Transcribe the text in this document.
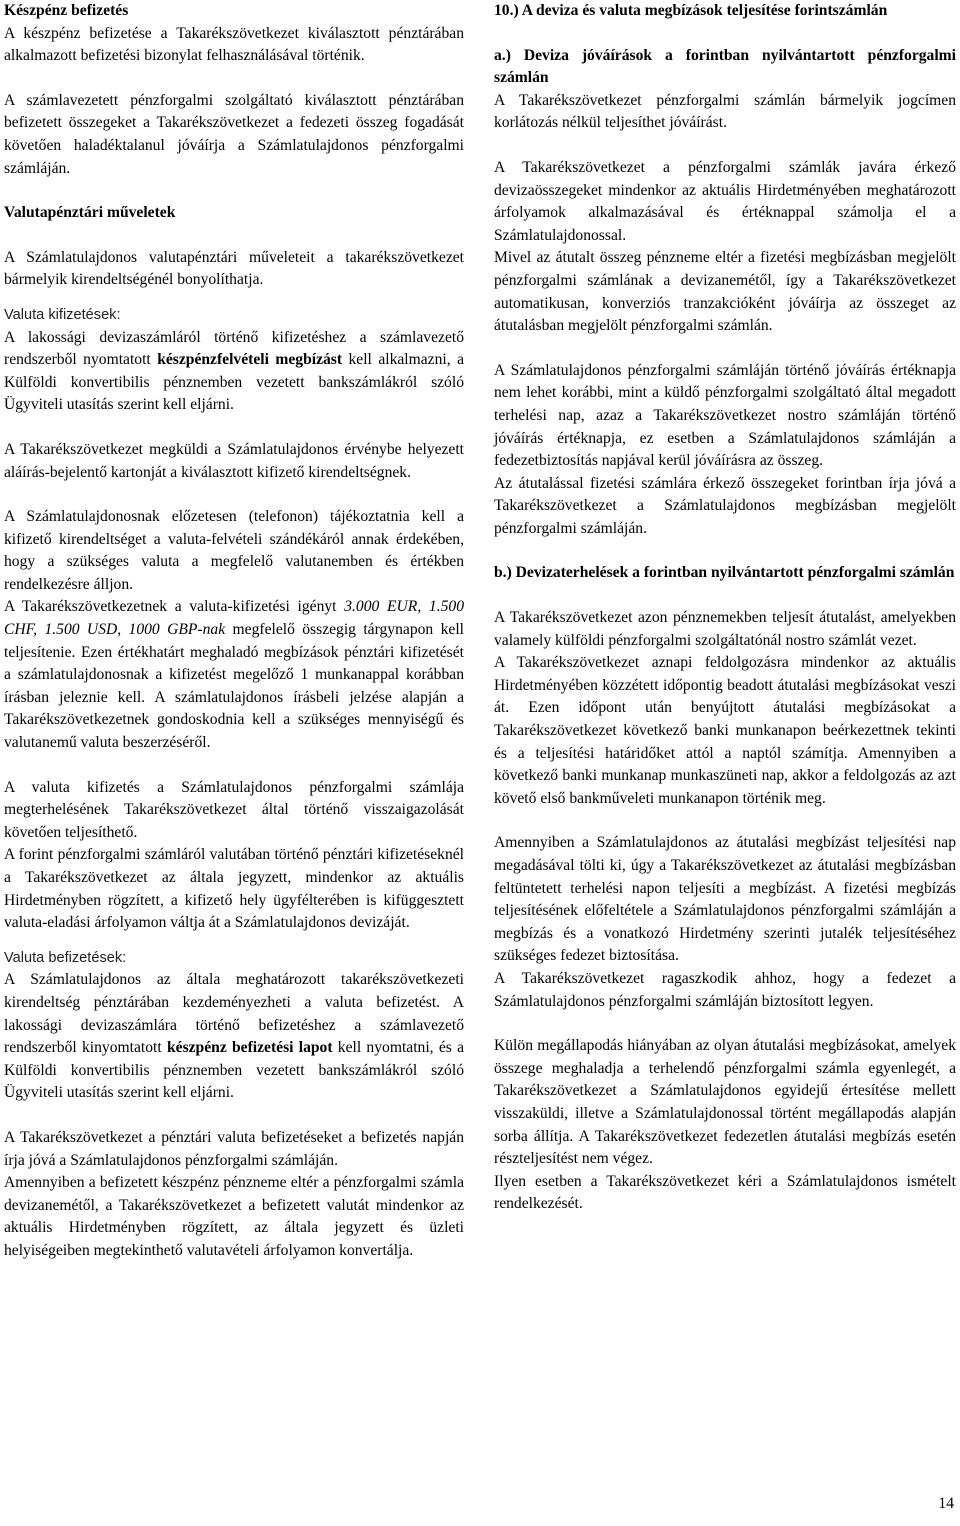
Készpénz befizetés

A készpénz befizetése a Takarékszövetkezet kiválasztott pénztárában alkalmazott befizetési bizonylat felhasználásával történik.

A számlavezetett pénzforgalmi szolgáltató kiválasztott pénztárában befizetett összegeket a Takarékszövetkezet a fedezeti összeg fogadását követően haladéktalanul jóváírja a Számlatulajdonos pénzforgalmi számláján.

Valutapénztári műveletek

A Számlatulajdonos valutapénztári műveleteit a takarékszövetkezet bármelyik kirendeltségénél bonyolíthatja.

Valuta kifizetések:

A lakossági devizaszámláról történő kifizetéshez a számlavezető rendszerből nyomtatott készpénzfelvételi megbízást kell alkalmazni, a Külföldi konvertibilis pénznemben vezetett bankszámlákról szóló Ügyviteli utasítás szerint kell eljárni.

A Takarékszövetkezet megküldi a Számlatulajdonos érvénybe helyezett aláírás-bejelentő kartonját a kiválasztott kifizető kirendeltségnek.

A Számlatulajdonosnak előzetesen (telefonon) tájékoztatnia kell a kifizető kirendeltséget a valuta-felvételi szándékáról annak érdekében, hogy a szükséges valuta a megfelelő valutanemben és értékben rendelkezésre álljon.

A Takarékszövetkezetnek a valuta-kifizetési igényt 3.000 EUR, 1.500 CHF, 1.500 USD, 1000 GBP-nak megfelelő összegig tárgynapon kell teljesítenie. Ezen értékhatárt meghaladó megbízások pénztári kifizetését a számlatulajdonosnak a kifizetést megelőző 1 munkanappal korábban írásban jeleznie kell. A számlatulajdonos írásbeli jelzése alapján a Takarékszövetkezetnek gondoskodnia kell a szükséges mennyiségű és valutanemű valuta beszerzéséről.

A valuta kifizetés a Számlatulajdonos pénzforgalmi számlája megterhelésének Takarékszövetkezet által történő visszaigazolását követően teljesíthető.

A forint pénzforgalmi számláról valutában történő pénztári kifizetéseknél a Takarékszövetkezet az általa jegyzett, mindenkor az aktuális Hirdetményben rögzített, a kifizető hely ügyfélterében is kifüggesztett valuta-eladási árfolyamon váltja át a Számlatulajdonos devizáját.

Valuta befizetések:

A Számlatulajdonos az általa meghatározott takarékszövetkezeti kirendeltség pénztárában kezdeményezheti a valuta befizetést. A lakossági devizaszámlára történő befizetéshez a számlavezető rendszerből kinyomtatott készpénz befizetési lapot kell nyomtatni, és a Külföldi konvertibilis pénznemben vezetett bankszámlákról szóló Ügyviteli utasítás szerint kell eljárni.

A Takarékszövetkezet a pénztári valuta befizetéseket a befizetés napján írja jóvá a Számlatulajdonos pénzforgalmi számláján.

Amennyiben a befizetett készpénz pénzneme eltér a pénzforgalmi számla devizanemétől, a Takarékszövetkezet a befizetett valutát mindenkor az aktuális Hirdetményben rögzített, az általa jegyzett és üzleti helyiségeiben megtekinthető valutavételi árfolyamon konvertálja.

10.) A deviza és valuta megbízások teljesítése forintszámlán

a.) Deviza jóváírások a forintban nyilvántartott pénzforgalmi számlán

A Takarékszövetkezet pénzforgalmi számlán bármelyik jogcímen korlátozás nélkül teljesíthet jóváírást.

A Takarékszövetkezet a pénzforgalmi számlák javára érkező devizaösszegeket mindenkor az aktuális Hirdetményében meghatározott árfolyamok alkalmazásával és értéknappal számolja el a Számlatulajdonossal.

Mivel az átutalt összeg pénzneme eltér a fizetési megbízásban megjelölt pénzforgalmi számlának a devizanemétől, így a Takarékszövetkezet automatikusan, konverziós tranzakcióként jóváírja az összeget az átutalásban megjelölt pénzforgalmi számlán.

A Számlatulajdonos pénzforgalmi számláján történő jóváírás értéknapja nem lehet korábbi, mint a küldő pénzforgalmi szolgáltató által megadott terhelési nap, azaz a Takarékszövetkezet nostro számláján történő jóváírás értéknapja, ez esetben a Számlatulajdonos számláján a fedezetbiztosítás napjával kerül jóváírásra az összeg.

Az átutalással fizetési számlára érkező összegeket forintban írja jóvá a Takarékszövetkezet a Számlatulajdonos megbízásban megjelölt pénzforgalmi számláján.

b.) Devizaterhelések a forintban nyilvántartott pénzforgalmi számlán

A Takarékszövetkezet azon pénznemekben teljesít átutalást, amelyekben valamely külföldi pénzforgalmi szolgáltatónál nostro számlát vezet.

A Takarékszövetkezet aznapi feldolgozásra mindenkor az aktuális Hirdetményében közzétett időpontig beadott átutalási megbízásokat veszi át. Ezen időpont után benyújtott átutalási megbízásokat a Takarékszövetkezet következő banki munkanapon beérkezettnek tekinti és a teljesítési határidőket attól a naptól számítja. Amennyiben a következő banki munkanap munkaszüneti nap, akkor a feldolgozás az azt követő első bankműveleti munkanapon történik meg.

Amennyiben a Számlatulajdonos az átutalási megbízást teljesítési nap megadásával tölti ki, úgy a Takarékszövetkezet az átutalási megbízásban feltüntetett terhelési napon teljesíti a megbízást. A fizetési megbízás teljesítésének előfeltétele a Számlatulajdonos pénzforgalmi számláján a megbízás és a vonatkozó Hirdetmény szerinti jutalék teljesítéséhez szükséges fedezet biztosítása.

A Takarékszövetkezet ragaszkodik ahhoz, hogy a fedezet a Számlatulajdonos pénzforgalmi számláján biztosított legyen.

Külön megállapodás hiányában az olyan átutalási megbízásokat, amelyek összege meghaladja a terhelendő pénzforgalmi számla egyenlegét, a Takarékszövetkezet a Számlatulajdonos egyidejű értesítése mellett visszaküldi, illetve a Számlatulajdonossal történt megállapodás alapján sorba állítja. A Takarékszövetkezet fedezetlen átutalási megbízás esetén részteljesítést nem végez.

Ilyen esetben a Takarékszövetkezet kéri a Számlatulajdonos ismételt rendelkezését.

14
